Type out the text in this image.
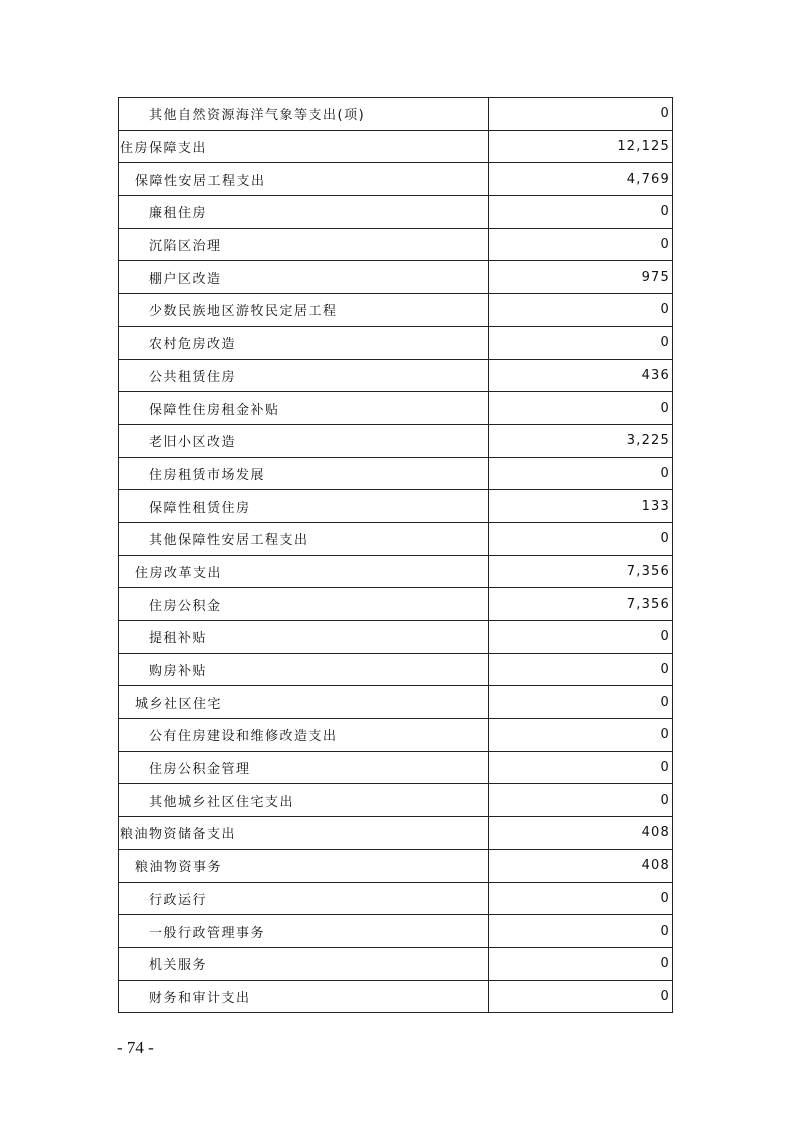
其他自然资源海洋气象等支出(项)	0
住房保障支出	12,125
保障性安居工程支出	4,769
廉租住房	0
沉陷区治理	0
棚户区改造	975
少数民族地区游牧民定居工程	0
农村危房改造	0
公共租赁住房	436
保障性住房租金补贴	0
老旧小区改造	3,225
住房租赁市场发展	0
保障性租赁住房	133
其他保障性安居工程支出	0
住房改革支出	7,356
住房公积金	7,356
提租补贴	0
购房补贴	0
城乡社区住宅	0
公有住房建设和维修改造支出	0
住房公积金管理	0
其他城乡社区住宅支出	0
粮油物资储备支出	408
粮油物资事务	408
行政运行	0
一般行政管理事务	0
机关服务	0
财务和审计支出	0
- 74 -
